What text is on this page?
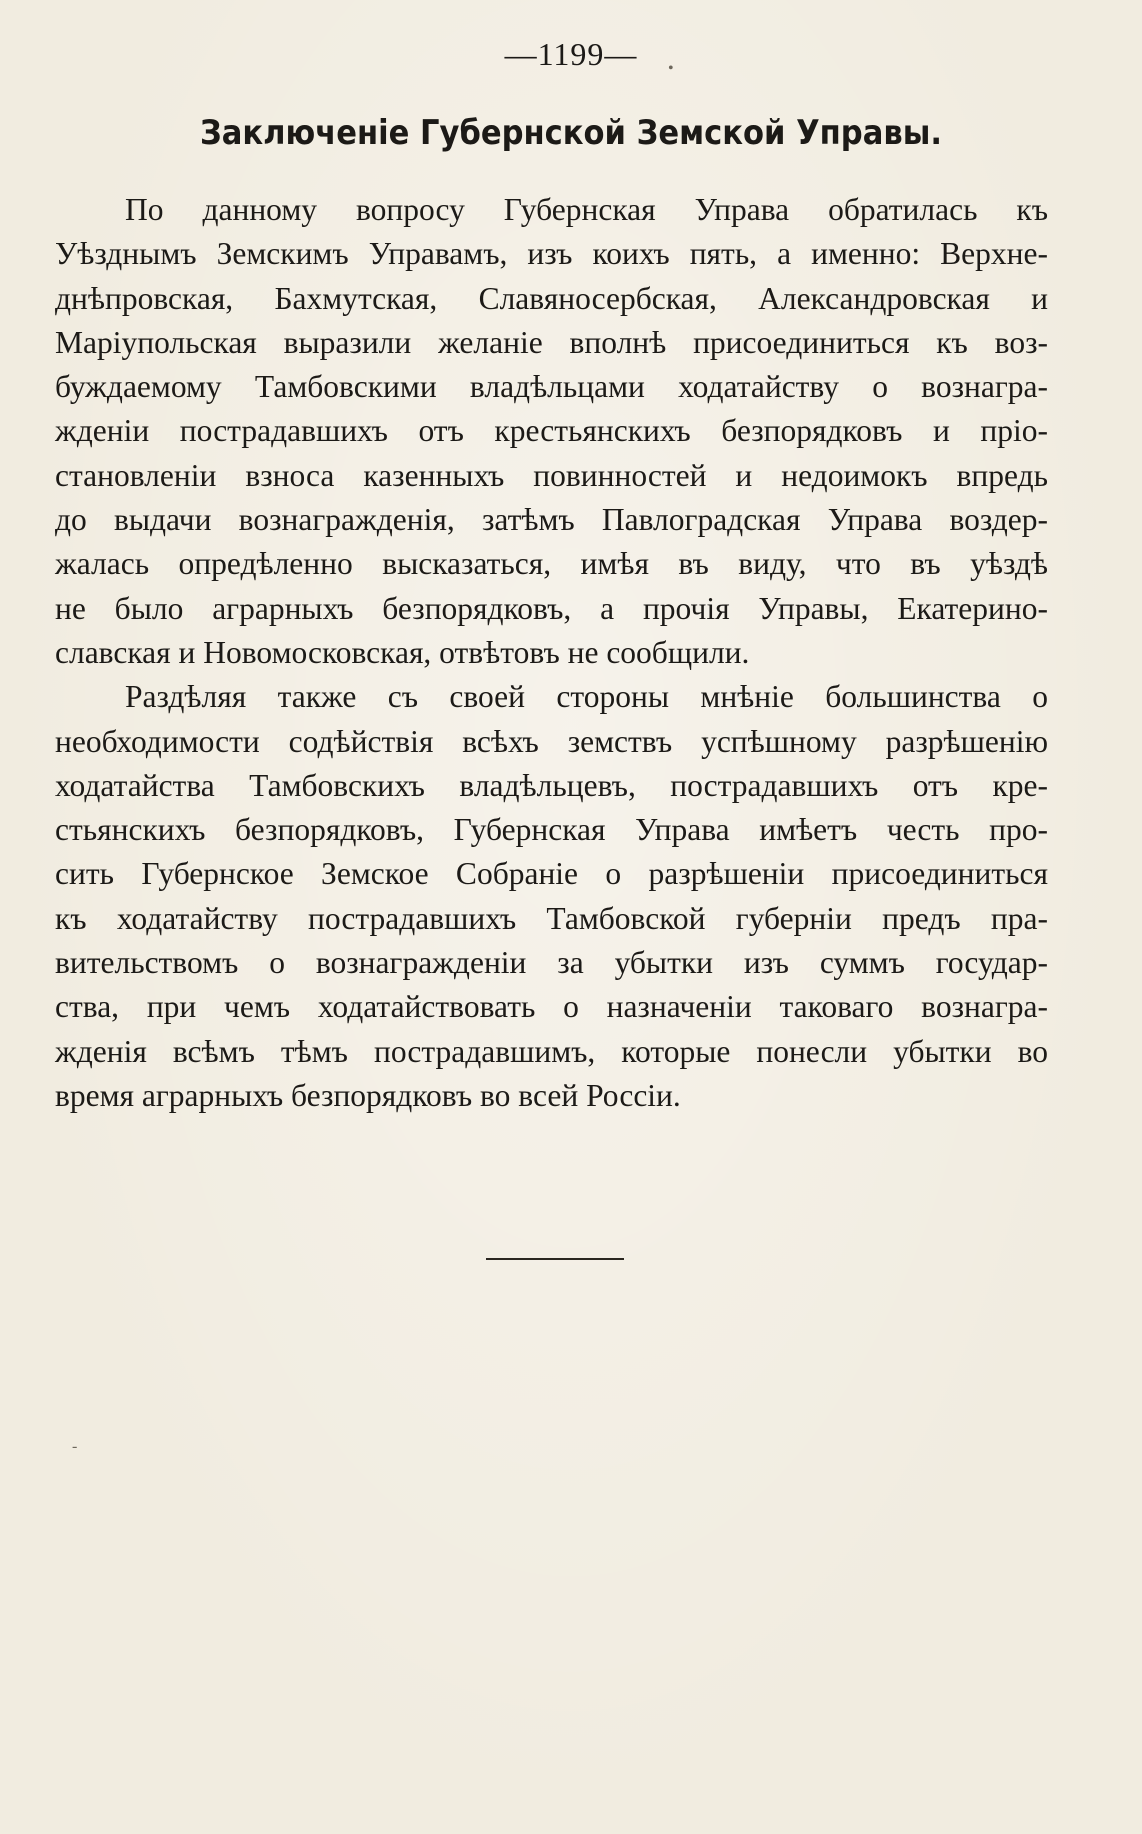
—1199—
Заключенiе Губернской Земской Управы.
По данному вопросу Губернская Управа обратилась къ
Уѣзднымъ Земскимъ Управамъ, изъ коихъ пять, а именно: Верхне-
днѣпровская, Бахмутская, Славяносербская, Александровская и
Марiупольская выразили желанiе вполнѣ присоединиться къ воз-
буждаемому Тамбовскими владѣльцами ходатайству о вознагра-
жденiи пострадавшихъ отъ крестьянскихъ безпорядковъ и прiо-
становленiи взноса казенныхъ повинностей и недоимокъ впредь
до выдачи вознагражденiя, затѣмъ Павлоградская Управа воздер-
жалась опредѣленно высказаться, имѣя въ виду, что въ уѣздѣ
не было аграрныхъ безпорядковъ, а прочiя Управы, Екатерино-
славская и Новомосковская, отвѣтовъ не сообщили.
Раздѣляя также съ своей стороны мнѣнiе большинства о
необходимости содѣйствiя всѣхъ земствъ успѣшному разрѣшенiю
ходатайства Тамбовскихъ владѣльцевъ, пострадавшихъ отъ кре-
стьянскихъ безпорядковъ, Губернская Управа имѣетъ честь про-
сить Губернское Земское Собранiе о разрѣшенiи присоединиться
къ ходатайству пострадавшихъ Тамбовской губернiи предъ пра-
вительствомъ о вознагражденiи за убытки изъ суммъ государ-
ства, при чемъ ходатайствовать о назначенiи таковаго вознагра-
жденiя всѣмъ тѣмъ пострадавшимъ, которые понесли убытки во
время аграрныхъ безпорядковъ во всей Россiи.
•
-
